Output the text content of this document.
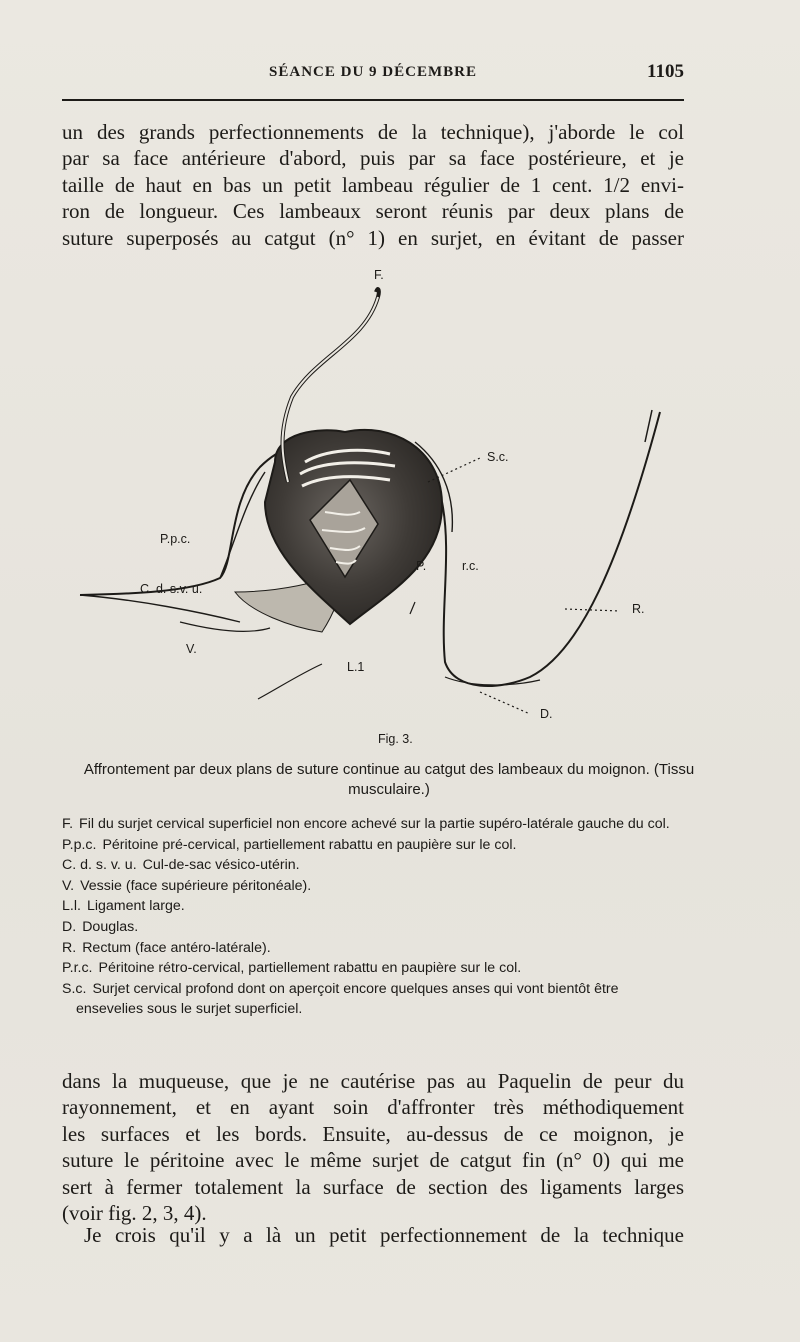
SÉANCE DU 9 DÉCEMBRE	1105

un des grands perfectionnements de la technique), j'aborde le col
par sa face antérieure d'abord, puis par sa face postérieure, et je
taille de haut en bas un petit lambeau régulier de 1 cent. 1/2 envi-
ron de longueur. Ces lambeaux seront réunis par deux plans de
suture superposés au catgut (n° 1) en surjet, en évitant de passer

F.
S.c.
P.p.c.
P.	r.c.
C. d. s.v. u.
R.
V.
L.1
D.
Fig. 3.

Affrontement par deux plans de suture continue au catgut des lambeaux du moignon. (Tissu musculaire.)

F. Fil du surjet cervical superficiel non encore achevé sur la partie supéro-latérale gauche du col.
P.p.c. Péritoine pré-cervical, partiellement rabattu en paupière sur le col.
C. d. s. v. u. Cul-de-sac vésico-utérin.
V. Vessie (face supérieure péritonéale).
L.l. Ligament large.
D. Douglas.
R. Rectum (face antéro-latérale).
P.r.c. Péritoine rétro-cervical, partiellement rabattu en paupière sur le col.
S.c. Surjet cervical profond dont on aperçoit encore quelques anses qui vont bientôt être ensevelies sous le surjet superficiel.

dans la muqueuse, que je ne cautérise pas au Paquelin de peur du
rayonnement, et en ayant soin d'affronter très méthodiquement
les surfaces et les bords. Ensuite, au-dessus de ce moignon, je
suture le péritoine avec le même surjet de catgut fin (n° 0) qui me
sert à fermer totalement la surface de section des ligaments larges
(voir fig. 2, 3, 4).

Je crois qu'il y a là un petit perfectionnement de la technique
